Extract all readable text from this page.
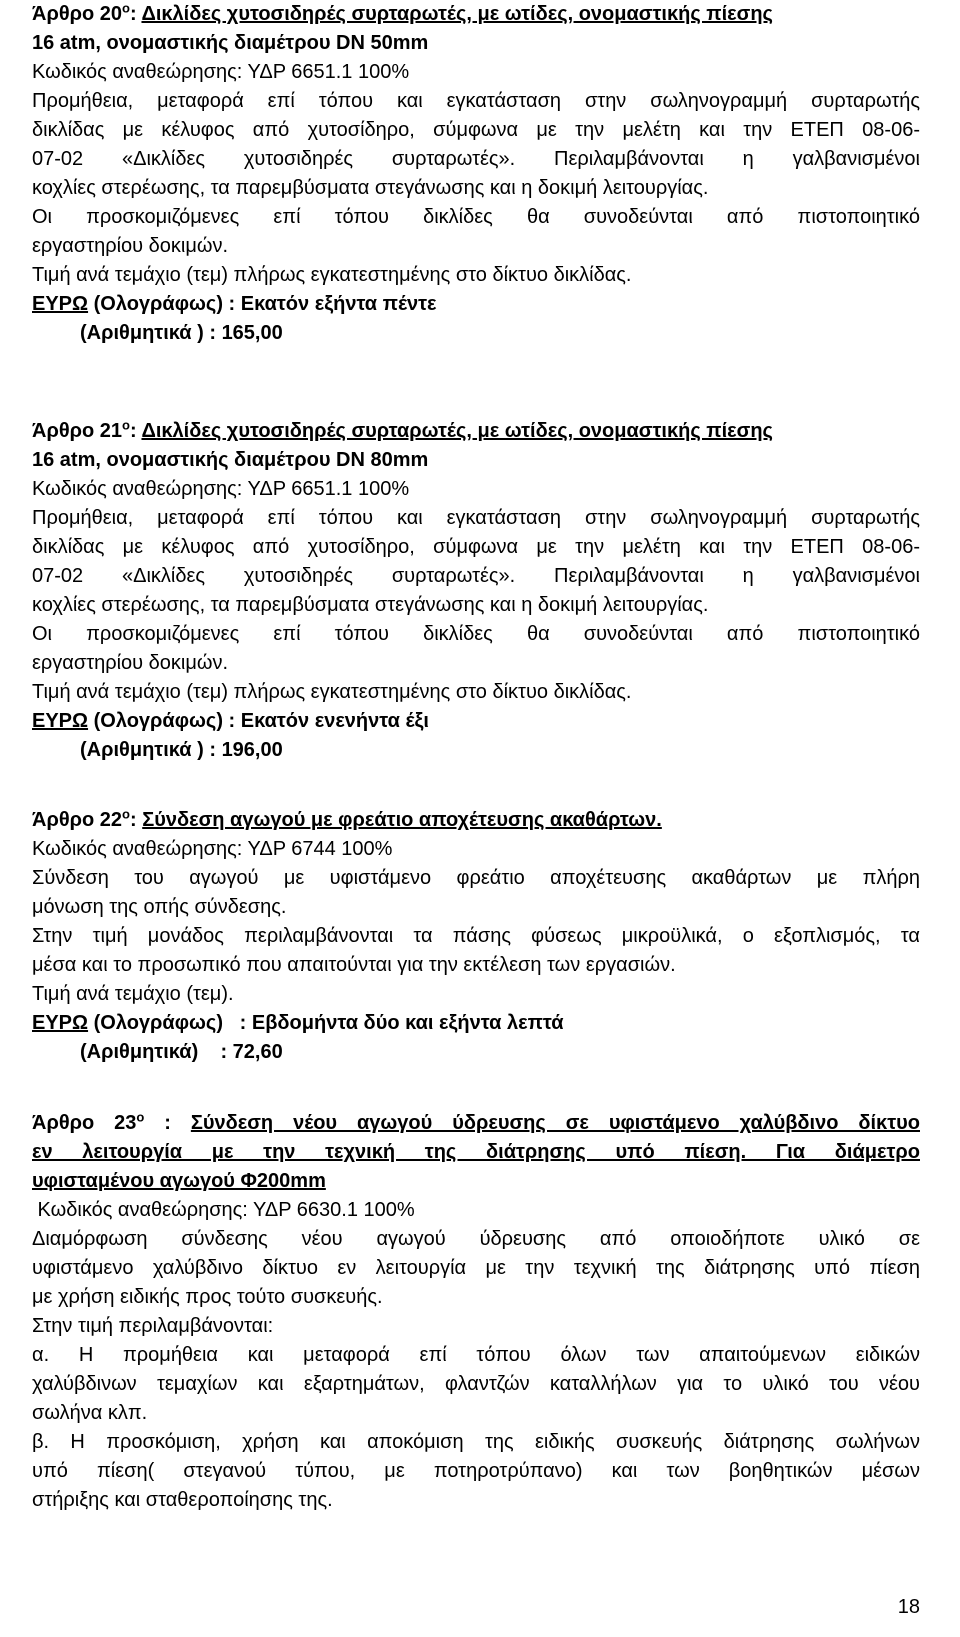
Άρθρο $20^o$: Δικλίδες χυτοσιδηρές συρταρωτές, με ωτίδες, ονομαστικής πίεσης
16 atm, ονομαστικής διαμέτρου DN 50mm
Κωδικός αναθεώρησης: ΥΔΡ 6651.1 100%
Προμήθεια, μεταφορά επί τόπου και εγκατάσταση στην σωληνογραμμή συρταρωτής
δικλίδας με κέλυφος από χυτοσίδηρο, σύμφωνα με την μελέτη και την ΕΤΕΠ 08-06-
07-02 «Δικλίδες χυτοσιδηρές συρταρωτές». Περιλαμβάνονται η γαλβανισμένοι
κοχλίες στερέωσης, τα παρεμβύσματα στεγάνωσης και η δοκιμή λειτουργίας.
Οι προσκομιζόμενες επί τόπου δικλίδες θα συνοδεύνται από πιστοποιητικό
εργαστηρίου δοκιμών.
Τιμή ανά τεμάχιο (τεμ) πλήρως εγκατεστημένης στο δίκτυο δικλίδας.
ΕΥΡΩ (Ολογράφως) : Εκατόν εξήντα πέντε
(Αριθμητικά ) : 165,00
Άρθρο $21^o$: Δικλίδες χυτοσιδηρές συρταρωτές, με ωτίδες, ονομαστικής πίεσης
16 atm, ονομαστικής διαμέτρου DN 80mm
Κωδικός αναθεώρησης: ΥΔΡ 6651.1 100%
Προμήθεια, μεταφορά επί τόπου και εγκατάσταση στην σωληνογραμμή συρταρωτής
δικλίδας με κέλυφος από χυτοσίδηρο, σύμφωνα με την μελέτη και την ΕΤΕΠ 08-06-
07-02 «Δικλίδες χυτοσιδηρές συρταρωτές». Περιλαμβάνονται η γαλβανισμένοι
κοχλίες στερέωσης, τα παρεμβύσματα στεγάνωσης και η δοκιμή λειτουργίας.
Οι προσκομιζόμενες επί τόπου δικλίδες θα συνοδεύνται από πιστοποιητικό
εργαστηρίου δοκιμών.
Τιμή ανά τεμάχιο (τεμ) πλήρως εγκατεστημένης στο δίκτυο δικλίδας.
ΕΥΡΩ (Ολογράφως) : Εκατόν ενενήντα έξι
(Αριθμητικά ) : 196,00
Άρθρο $22^o$: Σύνδεση αγωγού με φρεάτιο αποχέτευσης ακαθάρτων.
Κωδικός αναθεώρησης: ΥΔΡ 6744 100%
Σύνδεση του αγωγού με υφιστάμενο φρεάτιο αποχέτευσης ακαθάρτων με πλήρη
μόνωση της οπής σύνδεσης.
Στην τιμή μονάδος περιλαμβάνονται τα πάσης φύσεως μικροϋλικά, ο εξοπλισμός, τα
μέσα και το προσωπικό που απαιτούνται για την εκτέλεση των εργασιών.
Τιμή ανά τεμάχιο (τεμ).
ΕΥΡΩ (Ολογράφως)   : Εβδομήντα δύο και εξήντα λεπτά
(Αριθμητικά)    : 72,60
Άρθρο $23^o$ : Σύνδεση νέου αγωγού ύδρευσης σε υφιστάμενο χαλύβδινο δίκτυο
εν λειτουργία με την τεχνική της διάτρησης υπό πίεση. Για διάμετρο
υφισταμένου αγωγού Φ200mm
Κωδικός αναθεώρησης: ΥΔΡ 6630.1 100%
Διαμόρφωση σύνδεσης νέου αγωγού ύδρευσης από οποιοδήποτε υλικό σε
υφιστάμενο χαλύβδινο δίκτυο εν λειτουργία με την τεχνική της διάτρησης υπό πίεση
με χρήση ειδικής προς τούτο συσκευής.
Στην τιμή περιλαμβάνονται:
α. Η προμήθεια και μεταφορά επί τόπου όλων των απαιτούμενων ειδικών
χαλύβδινων τεμαχίων και εξαρτημάτων, φλαντζών καταλλήλων για το υλικό του νέου
σωλήνα κλπ.
β. Η προσκόμιση, χρήση και αποκόμιση της ειδικής συσκευής διάτρησης σωλήνων
υπό πίεση( στεγανού τύπου, με ποτηροτρύπανο) και των βοηθητικών μέσων
στήριξης και σταθεροποίησης της.
18
